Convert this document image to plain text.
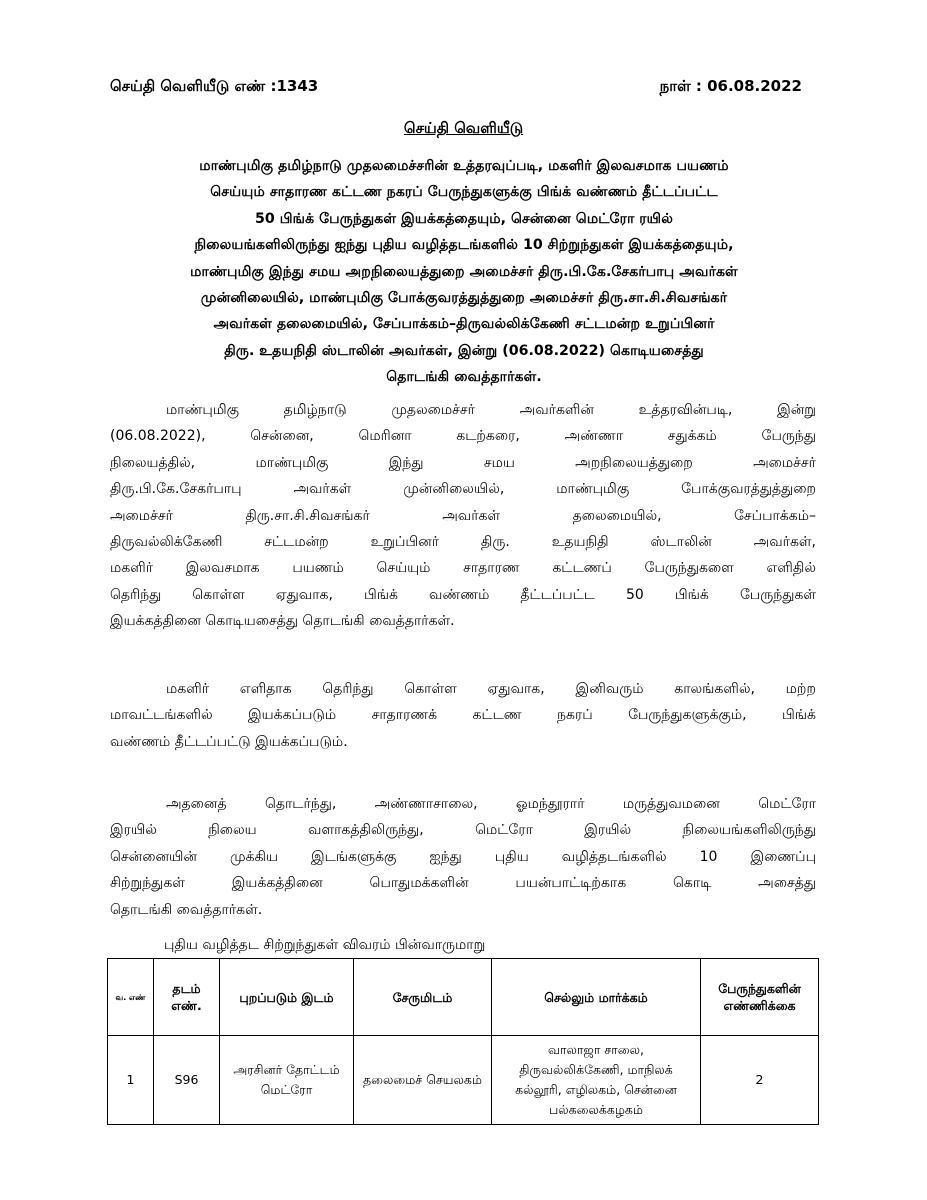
செய்தி வெளியீடு எண் :1343	நாள் : 06.08.2022
செய்தி வெளியீடு
மாண்புமிகு தமிழ்நாடு முதலமைச்சரின் உத்தரவுப்படி, மகளிர் இலவசமாக பயணம்
செய்யும் சாதாரண கட்டண நகரப் பேருந்துகளுக்கு பிங்க் வண்ணம் தீட்டப்பட்ட
50 பிங்க் பேருந்துகள் இயக்கத்தையும், சென்னை மெட்ரோ ரயில்
நிலையங்களிலிருந்து ஐந்து புதிய வழித்தடங்களில் 10 சிற்றுந்துகள் இயக்கத்தையும்,
மாண்புமிகு இந்து சமய அறநிலையத்துறை அமைச்சர் திரு.பி.கே.சேகர்பாபு அவர்கள்
முன்னிலையில், மாண்புமிகு போக்குவரத்துத்துறை அமைச்சர் திரு.சா.சி.சிவசங்கர்
அவர்கள் தலைமையில், சேப்பாக்கம்–திருவல்லிக்கேணி சட்டமன்ற உறுப்பினர்
திரு. உதயநிதி ஸ்டாலின் அவர்கள், இன்று (06.08.2022) கொடியசைத்து
தொடங்கி வைத்தார்கள்.
மாண்புமிகு தமிழ்நாடு முதலமைச்சர் அவர்களின் உத்தரவின்படி, இன்று
(06.08.2022), சென்னை, மெரினா கடற்கரை, அண்ணா சதுக்கம் பேருந்து
நிலையத்தில், மாண்புமிகு இந்து சமய அறநிலையத்துறை அமைச்சர்
திரு.பி.கே.சேகர்பாபு அவர்கள் முன்னிலையில், மாண்புமிகு போக்குவரத்துத்துறை
அமைச்சர் திரு.சா.சி.சிவசங்கர் அவர்கள் தலைமையில், சேப்பாக்கம்–
திருவல்லிக்கேணி சட்டமன்ற உறுப்பினர் திரு. உதயநிதி ஸ்டாலின் அவர்கள்,
மகளிர் இலவசமாக பயணம் செய்யும் சாதாரண கட்டணப் பேருந்துகளை எளிதில்
தெரிந்து கொள்ள ஏதுவாக, பிங்க் வண்ணம் தீட்டப்பட்ட 50 பிங்க் பேருந்துகள்
இயக்கத்தினை கொடியசைத்து தொடங்கி வைத்தார்கள்.
மகளிர் எளிதாக தெரிந்து கொள்ள ஏதுவாக, இனிவரும் காலங்களில், மற்ற
மாவட்டங்களில் இயக்கப்படும் சாதாரணக் கட்டண நகரப் பேருந்துகளுக்கும், பிங்க்
வண்ணம் தீட்டப்பட்டு இயக்கப்படும்.
அதனைத் தொடர்ந்து, அண்ணாசாலை, ஓமந்தூரார் மருத்துவமனை மெட்ரோ
இரயில் நிலைய வளாகத்திலிருந்து, மெட்ரோ இரயில் நிலையங்களிலிருந்து
சென்னையின் முக்கிய இடங்களுக்கு ஐந்து புதிய வழித்தடங்களில் 10 இணைப்பு
சிற்றுந்துகள் இயக்கத்தினை பொதுமக்களின் பயன்பாட்டிற்காக கொடி அசைத்து
தொடங்கி வைத்தார்கள்.
புதிய வழித்தட சிற்றுந்துகள் விவரம் பின்வாருமாறு
வ. எண்	தடம் எண்.	புறப்படும் இடம்	சேருமிடம்	செல்லும் மார்க்கம்	பேருந்துகளின் எண்ணிக்கை
1	S96	அரசினர் தோட்டம் மெட்ரோ	தலைமைச் செயலகம்	வாலாஜா சாலை, திருவல்லிக்கேணி, மாநிலக் கல்லூரி, எழிலகம், சென்னை பல்கலைக்கழகம்	2
